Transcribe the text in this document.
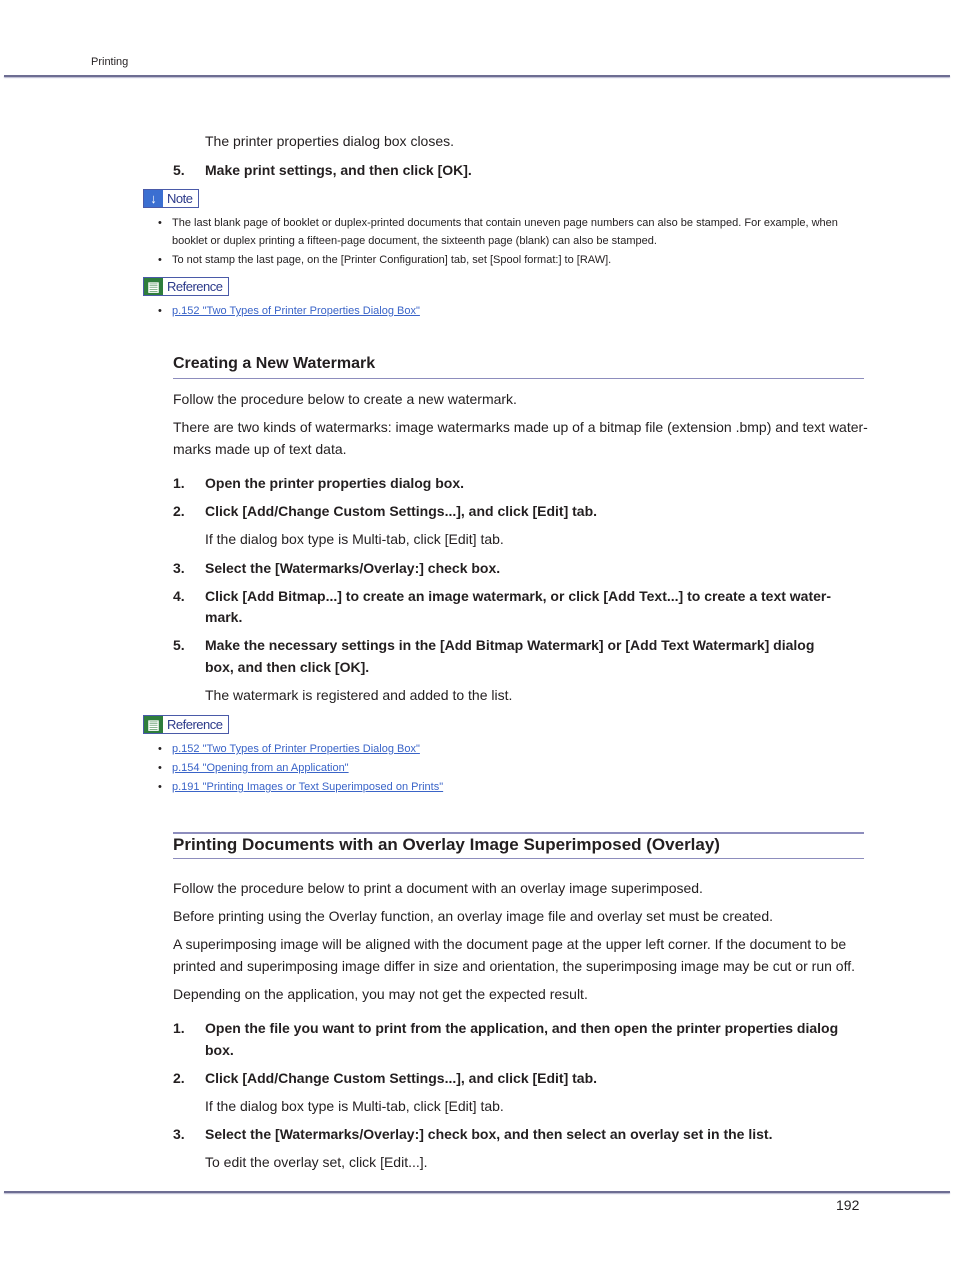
Printing
The printer properties dialog box closes.
5.	Make print settings, and then click [OK].
↓ Note
• The last blank page of booklet or duplex-printed documents that contain uneven page numbers can also be stamped. For example, when booklet or duplex printing a fifteen-page document, the sixteenth page (blank) can also be stamped.
• To not stamp the last page, on the [Printer Configuration] tab, set [Spool format:] to [RAW].
▤ Reference
• p.152 "Two Types of Printer Properties Dialog Box"
Creating a New Watermark
Follow the procedure below to create a new watermark.
There are two kinds of watermarks: image watermarks made up of a bitmap file (extension .bmp) and text water-
marks made up of text data.
1.	Open the printer properties dialog box.
2.	Click [Add/Change Custom Settings...], and click [Edit] tab.
If the dialog box type is Multi-tab, click [Edit] tab.
3.	Select the [Watermarks/Overlay:] check box.
4.	Click [Add Bitmap...] to create an image watermark, or click [Add Text...] to create a text water-
mark.
5.	Make the necessary settings in the [Add Bitmap Watermark] or [Add Text Watermark] dialog
box, and then click [OK].
The watermark is registered and added to the list.
▤ Reference
• p.152 "Two Types of Printer Properties Dialog Box"
• p.154 "Opening from an Application"
• p.191 "Printing Images or Text Superimposed on Prints"
Printing Documents with an Overlay Image Superimposed (Overlay)
Follow the procedure below to print a document with an overlay image superimposed.
Before printing using the Overlay function, an overlay image file and overlay set must be created.
A superimposing image will be aligned with the document page at the upper left corner. If the document to be
printed and superimposing image differ in size and orientation, the superimposing image may be cut or run off.
Depending on the application, you may not get the expected result.
1.	Open the file you want to print from the application, and then open the printer properties dialog
box.
2.	Click [Add/Change Custom Settings...], and click [Edit] tab.
If the dialog box type is Multi-tab, click [Edit] tab.
3.	Select the [Watermarks/Overlay:] check box, and then select an overlay set in the list.
To edit the overlay set, click [Edit...].
192
